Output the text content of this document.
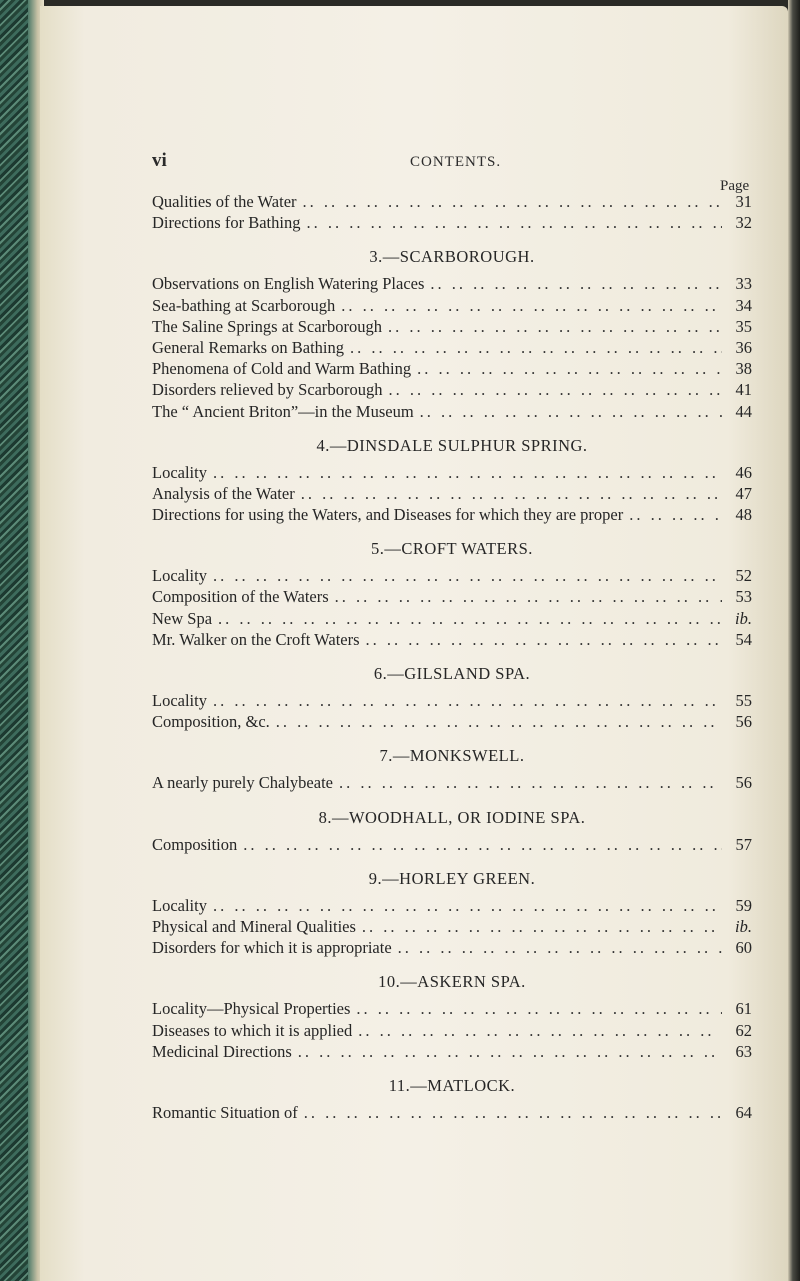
vi	CONTENTS.
Page
Qualities of the Water .. ..	31
Directions for Bathing .. ..	32
3.—SCARBOROUGH.
Observations on English Watering Places .. ..	33
Sea-bathing at Scarborough .. ..	34
The Saline Springs at Scarborough .. ..	35
General Remarks on Bathing .. ..	36
Phenomena of Cold and Warm Bathing .. ..	38
Disorders relieved by Scarborough .. ..	41
The “ Ancient Briton”—in the Museum .. ..	44
4.—DINSDALE SULPHUR SPRING.
Locality .. ..	46
Analysis of the Water .. ..	47
Directions for using the Waters, and Diseases for which they are proper .. ..	48
5.—CROFT WATERS.
Locality .. ..	52
Composition of the Waters .. ..	53
New Spa .. ..	ib.
Mr. Walker on the Croft Waters .. ..	54
6.—GILSLAND SPA.
Locality .. ..	55
Composition, &c. .. ..	56
7.—MONKSWELL.
A nearly purely Chalybeate .. ..	56
8.—WOODHALL, OR IODINE SPA.
Composition .. ..	57
9.—HORLEY GREEN.
Locality .. ..	59
Physical and Mineral Qualities .. ..	ib.
Disorders for which it is appropriate .. ..	60
10.—ASKERN SPA.
Locality—Physical Properties .. ..	61
Diseases to which it is applied .. ..	62
Medicinal Directions .. ..	63
11.—MATLOCK.
Romantic Situation of .. ..	64
